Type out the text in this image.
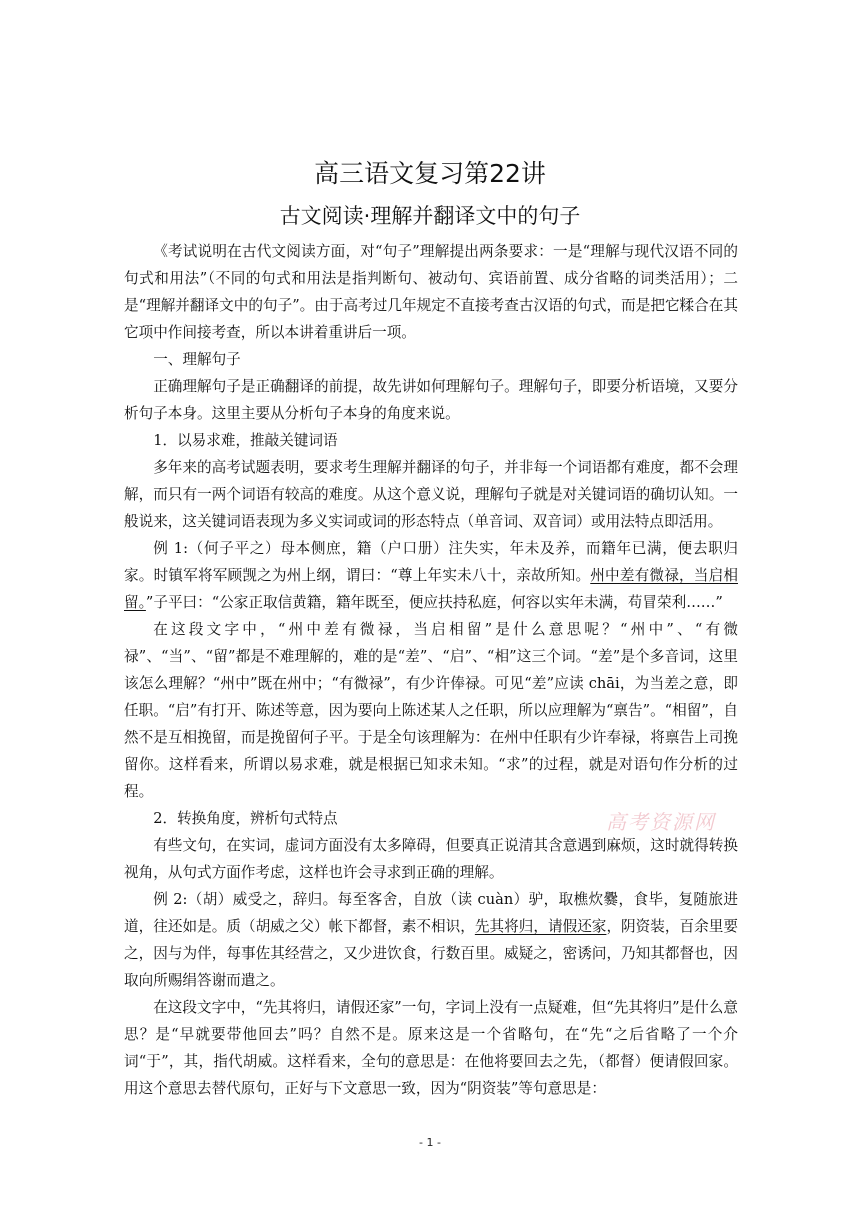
高三语文复习第22讲
古文阅读·理解并翻译文中的句子

《考试说明在古代文阅读方面，对“句子”理解提出两条要求：一是“理解与现代汉语不同的句式和用法”（不同的句式和用法是指判断句、被动句、宾语前置、成分省略的词类活用）；二是“理解并翻译文中的句子”。由于高考过几年规定不直接考查古汉语的句式，而是把它糅合在其它项中作间接考查，所以本讲着重讲后一项。

一、理解句子

正确理解句子是正确翻译的前提，故先讲如何理解句子。理解句子，即要分析语境，又要分析句子本身。这里主要从分析句子本身的角度来说。

1．以易求难，推敲关键词语

多年来的高考试题表明，要求考生理解并翻译的句子，并非每一个词语都有难度，都不会理解，而只有一两个词语有较高的难度。从这个意义说，理解句子就是对关键词语的确切认知。一般说来，这关键词语表现为多义实词或词的形态特点（单音词、双音词）或用法特点即活用。

例 1:（何子平之）母本侧庶，籍（户口册）注失实，年未及养，而籍年已满，便去职归家。时镇军将军顾觊之为州上纲，谓曰：“尊上年实未八十，亲故所知。州中差有微禄，当启相留。”子平曰：“公家正取信黄籍，籍年既至，便应扶持私庭，何容以实年未满，苟冒荣利……”

在这段文字中，“州中差有微禄，当启相留”是什么意思呢？“州中”、“有微禄”、“当”、“留”都是不难理解的，难的是“差”、“启”、“相”这三个词。“差”是个多音词，这里该怎么理解？“州中”既在州中；“有微禄”，有少许俸禄。可见“差”应读 chāi，为当差之意，即任职。“启”有打开、陈述等意，因为要向上陈述某人之任职，所以应理解为“禀告”。“相留”，自然不是互相挽留，而是挽留何子平。于是全句该理解为：在州中任职有少许奉禄，将禀告上司挽留你。这样看来，所谓以易求难，就是根据已知求未知。“求”的过程，就是对语句作分析的过程。

2．转换角度，辨析句式特点

有些文句，在实词，虚词方面没有太多障碍，但要真正说清其含意遇到麻烦，这时就得转换视角，从句式方面作考虑，这样也许会寻求到正确的理解。

例 2:（胡）威受之，辞归。每至客舍，自放（读 cuàn）驴，取樵炊爨，食毕，复随旅进道，往还如是。质（胡威之父）帐下都督，素不相识，先其将归，请假还家，阴资装，百余里要之，因与为伴，每事佐其经营之，又少进饮食，行数百里。威疑之，密诱问，乃知其都督也，因取向所赐绢答谢而遣之。

在这段文字中，“先其将归，请假还家”一句，字词上没有一点疑难，但“先其将归”是什么意思？是“早就要带他回去”吗？自然不是。原来这是一个省略句，在“先“之后省略了一个介词“于”，其，指代胡威。这样看来，全句的意思是：在他将要回去之先，（都督）便请假回家。用这个意思去替代原句，正好与下文意思一致，因为“阴资装”等句意思是：

高考资源网
- 1 -
